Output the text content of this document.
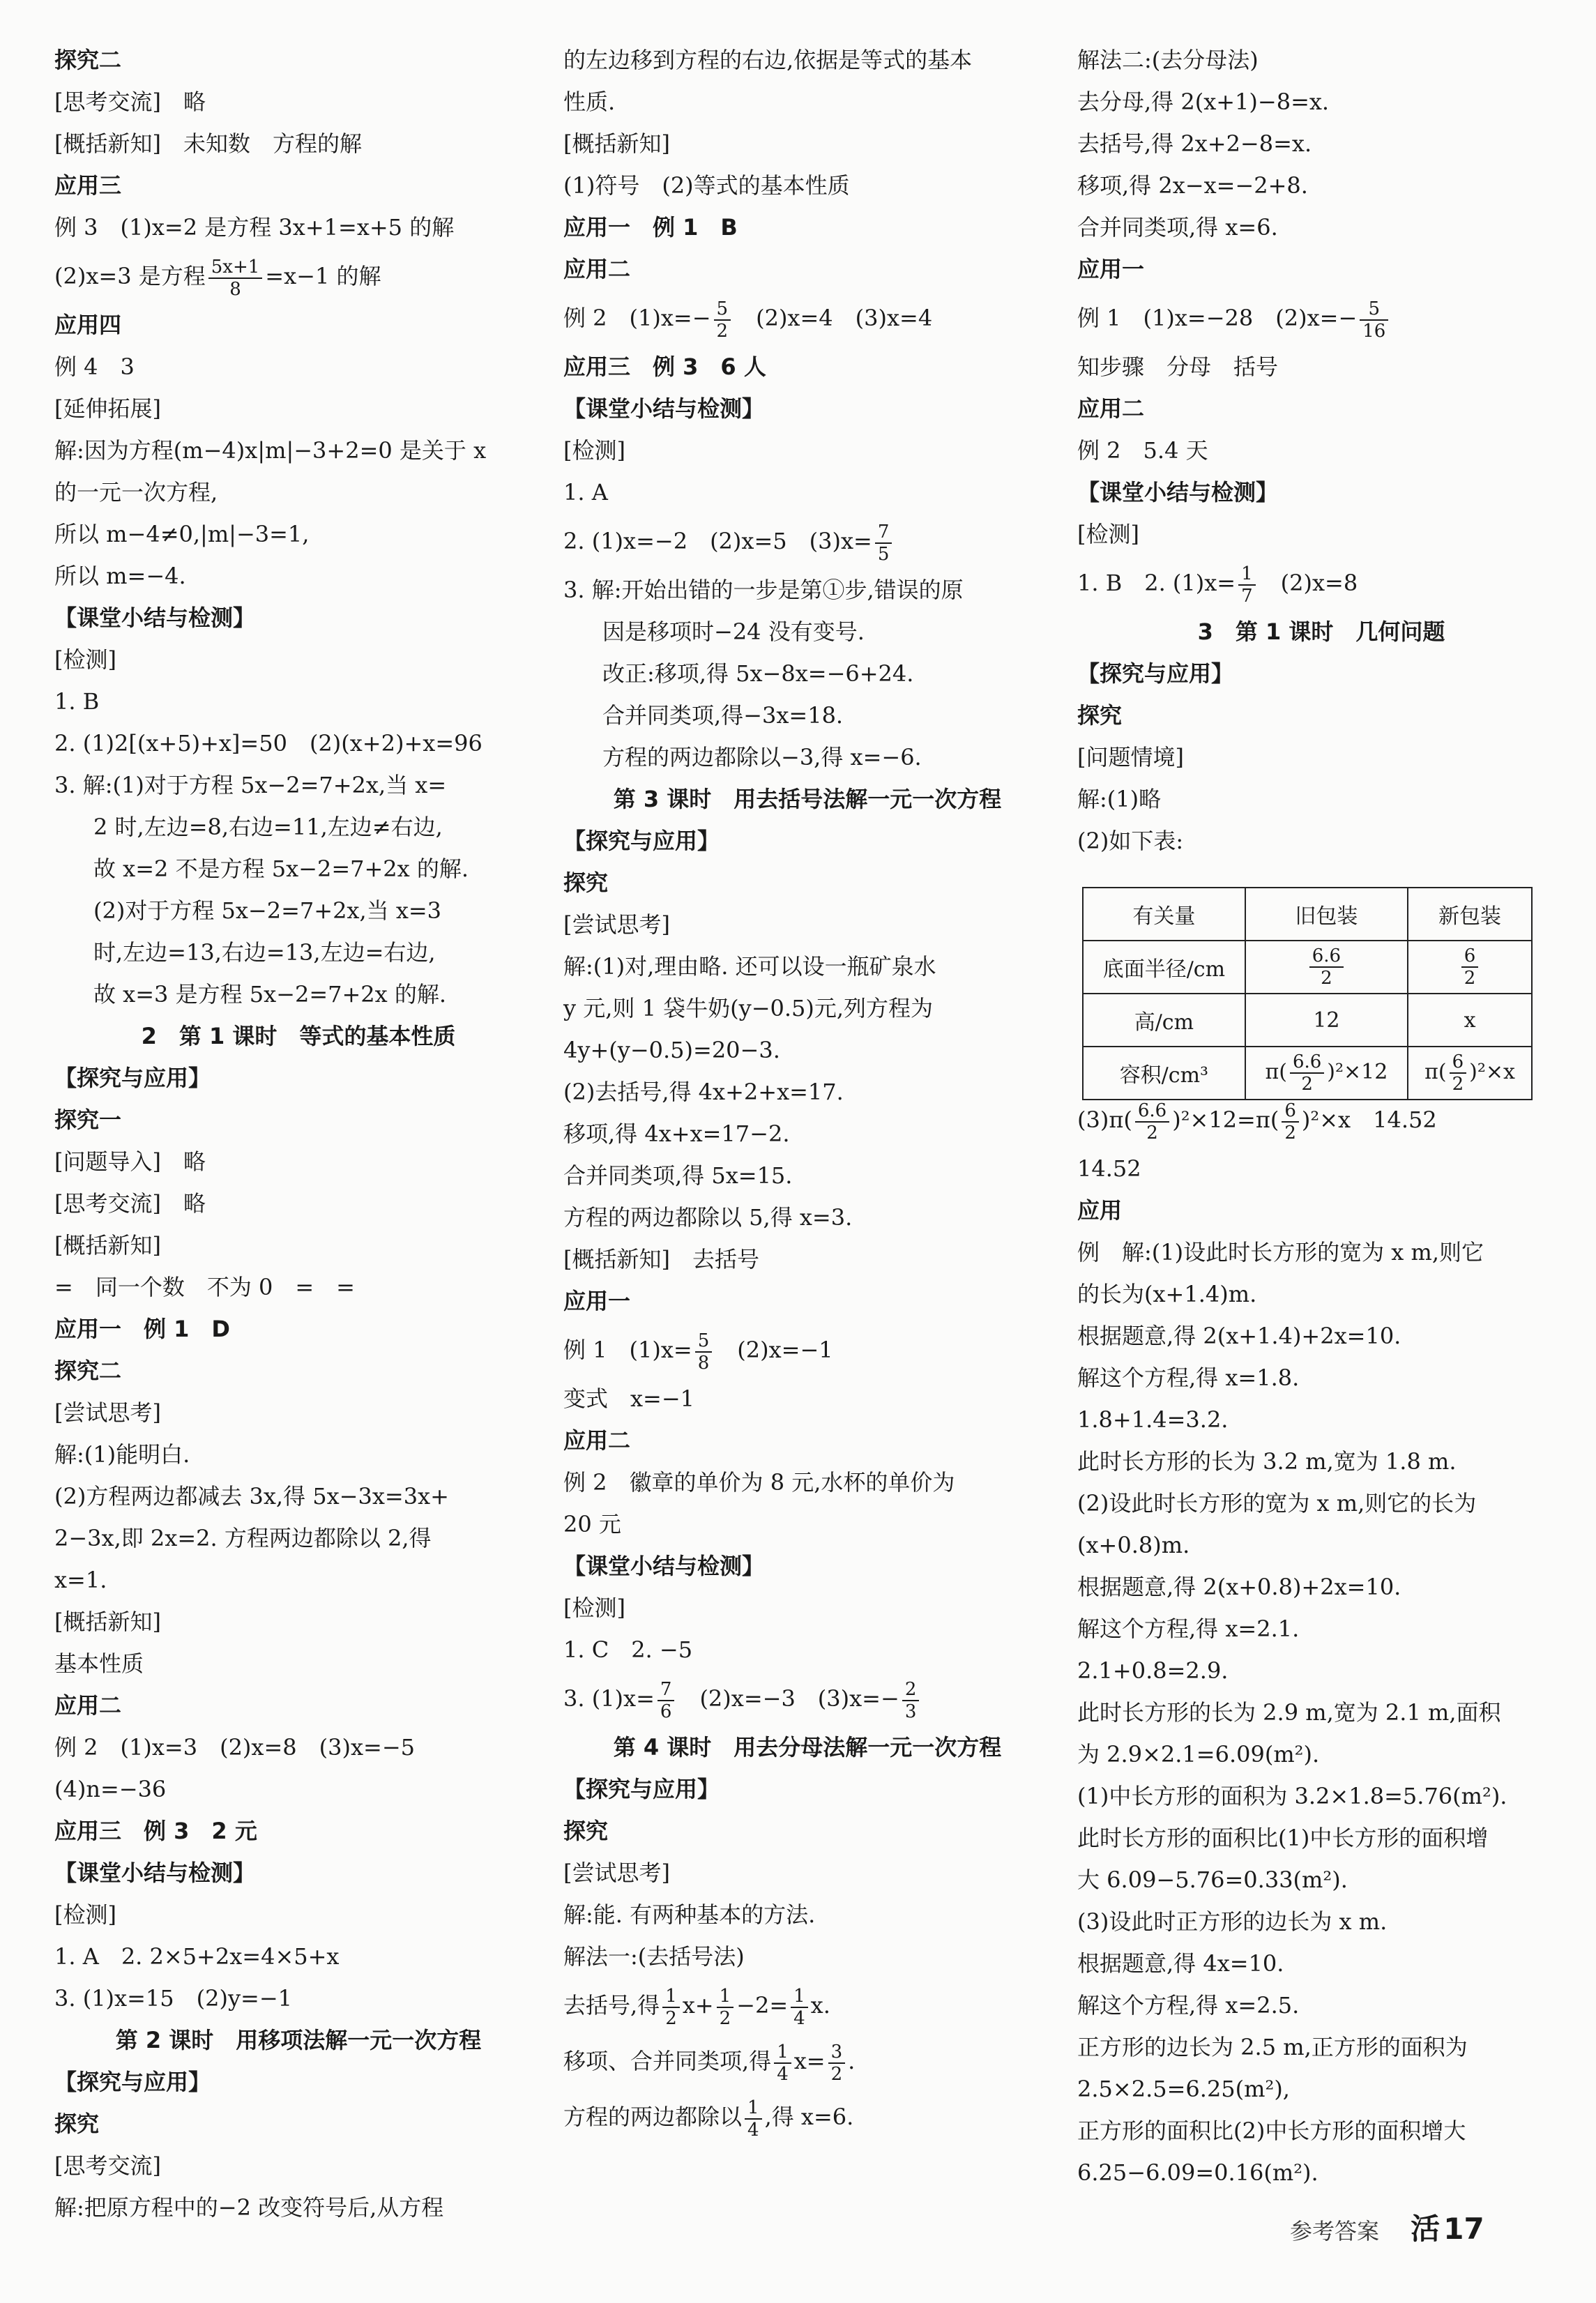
探究二
[思考交流]　略
[概括新知]　未知数　方程的解
应用三
例 3　(1)x=2 是方程 3x+1=x+5 的解
(2)x=3 是方程 $\frac{5x+1}{8} =x-1$ 的解
应用四
例 4　3
[延伸拓展]
解:因为方程(m−4)x|m|−3+2=0 是关于 x
的一元一次方程,
所以 m−4≠0,|m|−3=1,
所以 m=−4.
【课堂小结与检测】
[检测]
1. B
2. (1)2[(x+5)+x]=50　(2)(x+2)+x=96
3. 解:(1)对于方程 5x−2=7+2x,当 x=
2 时,左边=8,右边=11,左边≠右边,
故 x=2 不是方程 5x−2=7+2x 的解.
(2)对于方程 5x−2=7+2x,当 x=3
时,左边=13,右边=13,左边=右边,
故 x=3 是方程 5x−2=7+2x 的解.
2　第 1 课时　等式的基本性质
【探究与应用】
探究一
[问题导入]　略
[思考交流]　略
[概括新知]
=　同一个数　不为 0　=　=
应用一　例 1　D
探究二
[尝试思考]
解:(1)能明白.
(2)方程两边都减去 3x,得 5x−3x=3x+
2−3x,即 2x=2. 方程两边都除以 2,得
x=1.
[概括新知]
基本性质
应用二
例 2　(1)x=3　(2)x=8　(3)x=−5
(4)n=−36
应用三　例 3　2 元
【课堂小结与检测】
[检测]
1. A　2. 2×5+2x=4×5+x
3. (1)x=15　(2)y=−1
第 2 课时　用移项法解一元一次方程
【探究与应用】
探究
[思考交流]
解:把原方程中的−2 改变符号后,从方程
的左边移到方程的右边,依据是等式的基本
性质.
[概括新知]
(1)符号　(2)等式的基本性质
应用一　例 1　B
应用二
例 2　$(1)x=- \frac{5}{2}$ 　(2)x=4　(3)x=4
应用三　例 3　6 人
【课堂小结与检测】
[检测]
1. A
2. (1)x=−2　(2)x=5　$(3)x= \frac{7}{5}$
3. 解:开始出错的一步是第①步,错误的原
因是移项时−24 没有变号.
改正:移项,得 5x−8x=−6+24.
合并同类项,得−3x=18.
方程的两边都除以−3,得 x=−6.
第 3 课时　用去括号法解一元一次方程
【探究与应用】
探究
[尝试思考]
解:(1)对,理由略. 还可以设一瓶矿泉水
y 元,则 1 袋牛奶(y−0.5)元,列方程为
4y+(y−0.5)=20−3.
(2)去括号,得 4x+2+x=17.
移项,得 4x+x=17−2.
合并同类项,得 5x=15.
方程的两边都除以 5,得 x=3.
[概括新知]　去括号
应用一
例 1　$(1)x= \frac{5}{8}$ 　(2)x=−1
变式　x=−1
应用二
例 2　徽章的单价为 8 元,水杯的单价为
20 元
【课堂小结与检测】
[检测]
1. C　2. −5
3. $(1)x= \frac{7}{6}$ 　(2)x=−3　$(3)x=- \frac{2}{3}$
第 4 课时　用去分母法解一元一次方程
【探究与应用】
探究
[尝试思考]
解:能. 有两种基本的方法.
解法一:(去括号法)
去括号,得 $\frac{1}{2} x+ \frac{1}{2} -2= \frac{1}{4} x$.
移项、合并同类项,得 $\frac{1}{4} x= \frac{3}{2}$ .
方程的两边都除以 $\frac{1}{4}$ ,得 x=6.
解法二:(去分母法)
去分母,得 2(x+1)−8=x.
去括号,得 2x+2−8=x.
移项,得 2x−x=−2+8.
合并同类项,得 x=6.
应用一
例 1　(1)x=−28　$(2)x=- \frac{5}{16}$
知步骤　分母　括号
应用二
例 2　5.4 天
【课堂小结与检测】
[检测]
1. B　2. $(1)x= \frac{1}{7}$ 　(2)x=8
3　第 1 课时　几何问题
【探究与应用】
探究
[问题情境]
解:(1)略
(2)如下表:
$(3)\pi( \frac{6.6}{2} )^2\times 12=\pi( \frac{6}{2} )^2\times x$　14.52
14.52
应用
例　解:(1)设此时长方形的宽为 x m,则它
的长为(x+1.4)m.
根据题意,得 2(x+1.4)+2x=10.
解这个方程,得 x=1.8.
1.8+1.4=3.2.
此时长方形的长为 3.2 m,宽为 1.8 m.
(2)设此时长方形的宽为 x m,则它的长为
(x+0.8)m.
根据题意,得 2(x+0.8)+2x=10.
解这个方程,得 x=2.1.
2.1+0.8=2.9.
此时长方形的长为 2.9 m,宽为 2.1 m,面积
为 2.9×2.1=6.09(m²).
(1)中长方形的面积为 3.2×1.8=5.76(m²).
此时长方形的面积比(1)中长方形的面积增
大 6.09−5.76=0.33(m²).
(3)设此时正方形的边长为 x m.
根据题意,得 4x=10.
解这个方程,得 x=2.5.
正方形的边长为 2.5 m,正方形的面积为
2.5×2.5=6.25(m²),
正方形的面积比(2)中长方形的面积增大
6.25−6.09=0.16(m²).
有关量	旧包装	新包装
底面半径/cm	$\frac{6.6}{2}$	$\frac{6}{2}$

高/cm	12	x
容积/cm³	$\pi( \frac{6.6}{2} )^2\times 12$	$\pi( \frac{6}{2} )^2\times x$
参考答案 活 17
